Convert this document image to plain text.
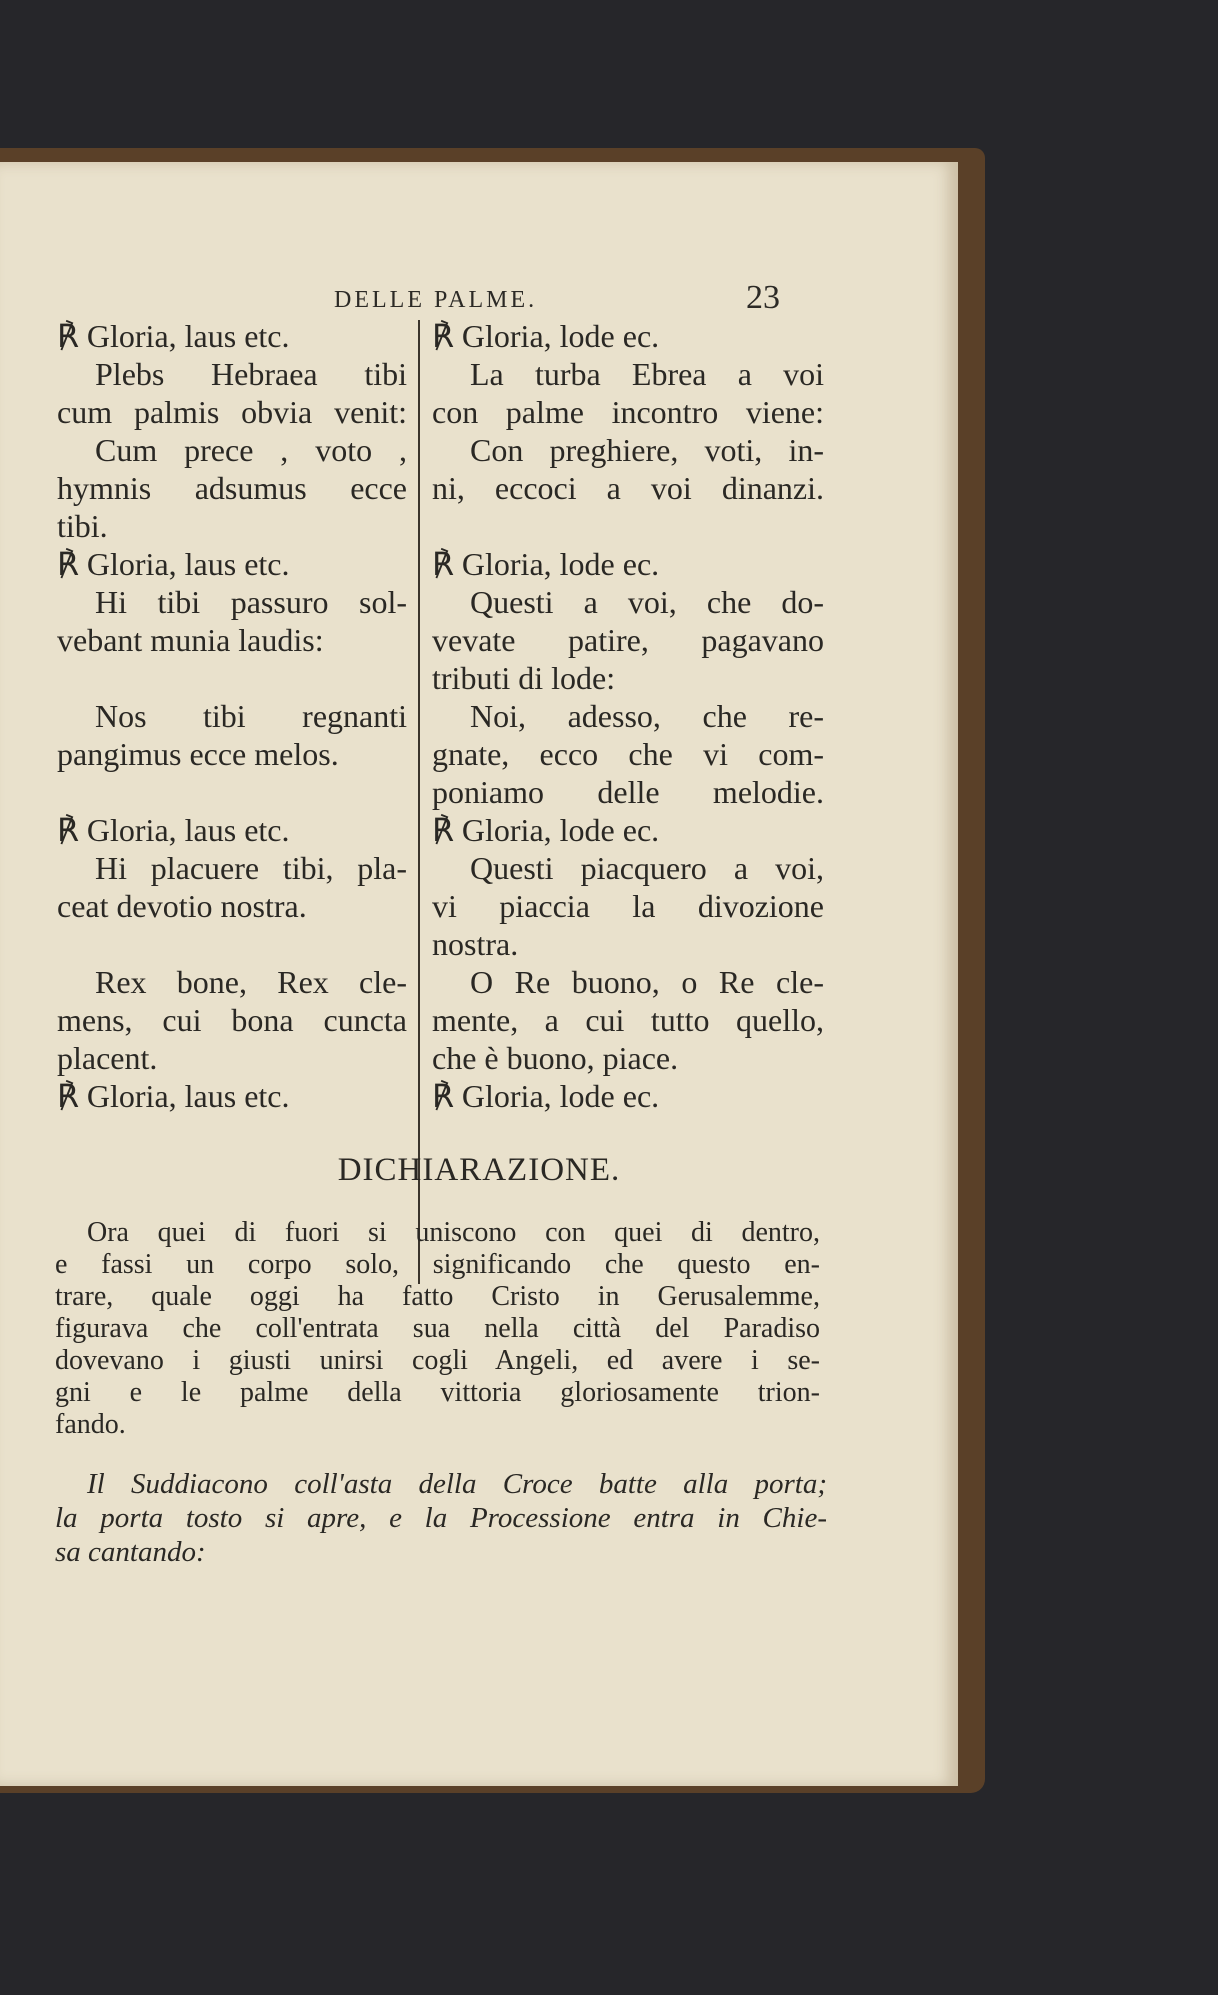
DELLE PALME.	23
℟ Gloria, laus etc.
Plebs Hebraea tibi
cum palmis obvia venit:
Cum prece , voto ,
hymnis adsumus ecce
tibi.
℟ Gloria, laus etc.
Hi tibi passuro sol-
vebant munia laudis:
Nos tibi regnanti
pangimus ecce melos.
℟ Gloria, laus etc.
Hi placuere tibi, pla-
ceat devotio nostra.
Rex bone, Rex cle-
mens, cui bona cuncta
placent.
℟ Gloria, laus etc.
℟ Gloria, lode ec.
La turba Ebrea a voi
con palme incontro viene:
Con preghiere, voti, in-
ni, eccoci a voi dinanzi.
℟ Gloria, lode ec.
Questi a voi, che do-
vevate patire, pagavano
tributi di lode:
Noi, adesso, che re-
gnate, ecco che vi com-
poniamo delle melodie.
℟ Gloria, lode ec.
Questi piacquero a voi,
vi piaccia la divozione
nostra.
O Re buono, o Re cle-
mente, a cui tutto quello,
che è buono, piace.
℟ Gloria, lode ec.
DICHIARAZIONE.
Ora quei di fuori si uniscono con quei di dentro,
e fassi un corpo solo, significando che questo en-
trare, quale oggi ha fatto Cristo in Gerusalemme,
figurava che coll'entrata sua nella città del Paradiso
dovevano i giusti unirsi cogli Angeli, ed avere i se-
gni e le palme della vittoria gloriosamente trion-
fando.
Il Suddiacono coll'asta della Croce batte alla porta;
la porta tosto si apre, e la Processione entra in Chie-
sa cantando:
